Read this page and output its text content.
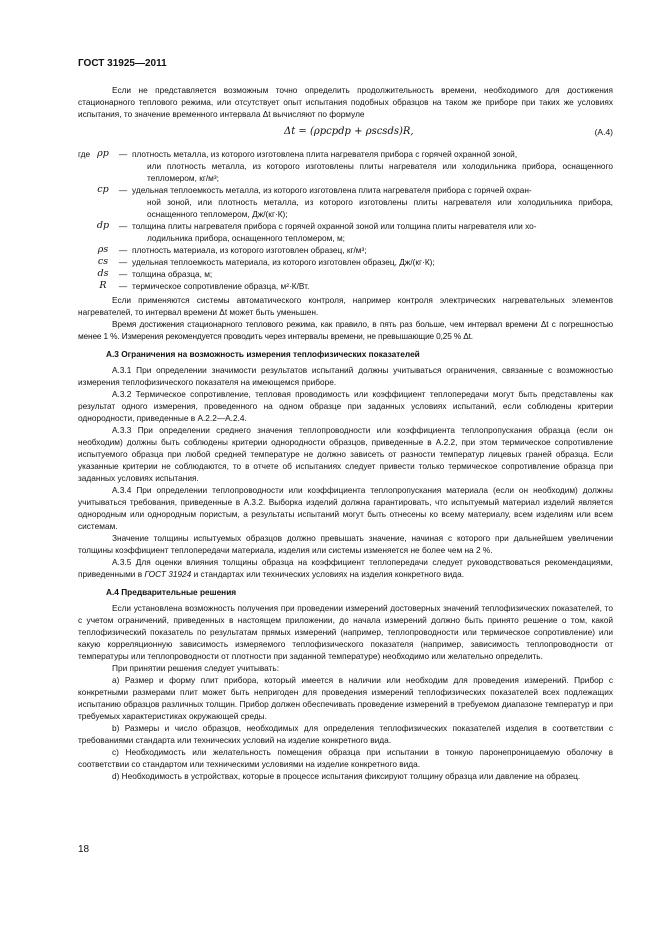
ГОСТ 31925—2011

Если не представляется возможным точно определить продолжительность времени, необходимого для достижения стационарного теплового режима, или отсутствует опыт испытания подобных образцов на таком же приборе при таких же условиях испытания, то значение временного интервала Δt вычисляют по формуле

Δt = (ρpcpdp + ρscsds)R,	(А.4)
где ρp	— плотность металла, из которого изготовлена плита нагревателя прибора с горячей охранной зоной,
или плотность металла, из которого изготовлены плиты нагревателя или холодильника прибора, оснащенного тепломером, кг/м³;
cp	— удельная теплоемкость металла, из которого изготовлена плита нагревателя прибора с горячей охран-
ной зоной, или плотность металла, из которого изготовлены плиты нагревателя или холодильника прибора, оснащенного тепломером, Дж/(кг·К);
dp	— толщина плиты нагревателя прибора с горячей охранной зоной или толщина плиты нагревателя или хо-
лодильника прибора, оснащенного тепломером, м;
ρs	— плотность материала, из которого изготовлен образец, кг/м³;
cs	— удельная теплоемкость материала, из которого изготовлен образец, Дж/(кг·К);
ds	— толщина образца, м;
R	— термическое сопротивление образца, м²·К/Вт.

Если применяются системы автоматического контроля, например контроля электрических нагревательных элементов нагревателей, то интервал времени Δt может быть уменьшен.

Время достижения стационарного теплового режима, как правило, в пять раз больше, чем интервал времени Δt с погрешностью менее 1 %. Измерения рекомендуется проводить через интервалы времени, не превышающие 0,25 % Δt.

А.3 Ограничения на возможность измерения теплофизических показателей

А.3.1 При определении значимости результатов испытаний должны учитываться ограничения, связанные с возможностью измерения теплофизического показателя на имеющемся приборе.

А.3.2 Термическое сопротивление, тепловая проводимость или коэффициент теплопередачи могут быть представлены как результат одного измерения, проведенного на одном образце при заданных условиях испытаний, если соблюдены критерии однородности, приведенные в А.2.2—А.2.4.

А.3.3 При определении среднего значения теплопроводности или коэффициента теплопропускания образца (если он необходим) должны быть соблюдены критерии однородности образцов, приведенные в А.2.2, при этом термическое сопротивление испытуемого образца при любой средней температуре не должно зависеть от разности температур лицевых граней образца. Если указанные критерии не соблюдаются, то в отчете об испытаниях следует привести только термическое сопротивление образца при заданных условиях испытания.

А.3.4 При определении теплопроводности или коэффициента теплопропускания материала (если он необходим) должны учитываться требования, приведенные в А.3.2. Выборка изделий должна гарантировать, что испытуемый материал изделий является однородным или однородным пористым, а результаты испытаний могут быть отнесены ко всему материалу, всем изделиям или всем системам.

Значение толщины испытуемых образцов должно превышать значение, начиная с которого при дальнейшем увеличении толщины коэффициент теплопередачи материала, изделия или системы изменяется не более чем на 2 %.

А.3.5 Для оценки влияния толщины образца на коэффициент теплопередачи следует руководствоваться рекомендациями, приведенными в ГОСТ 31924 и стандартах или технических условиях на изделия конкретного вида.

А.4 Предварительные решения

Если установлена возможность получения при проведении измерений достоверных значений теплофизических показателей, то с учетом ограничений, приведенных в настоящем приложении, до начала измерений должно быть принято решение о том, какой теплофизический показатель по результатам прямых измерений (например, теплопроводности или термическое сопротивление) или какую корреляционную зависимость измеряемого теплофизического показателя (например, зависимость теплопроводности от температуры или теплопроводности от плотности при заданной температуре) необходимо или желательно определить.

При принятии решения следует учитывать:

a) Размер и форму плит прибора, который имеется в наличии или необходим для проведения измерений. Прибор с конкретными размерами плит может быть непригоден для проведения измерений теплофизических показателей всех подлежащих испытанию образцов различных толщин. Прибор должен обеспечивать проведение измерений в требуемом диапазоне температур и при требуемых характеристиках окружающей среды.

b) Размеры и число образцов, необходимых для определения теплофизических показателей изделия в соответствии с требованиями стандарта или технических условий на изделие конкретного вида.

c) Необходимость или желательность помещения образца при испытании в тонкую паронепроницаемую оболочку в соответствии со стандартом или техническими условиями на изделие конкретного вида.

d) Необходимость в устройствах, которые в процессе испытания фиксируют толщину образца или давление на образец.

18
